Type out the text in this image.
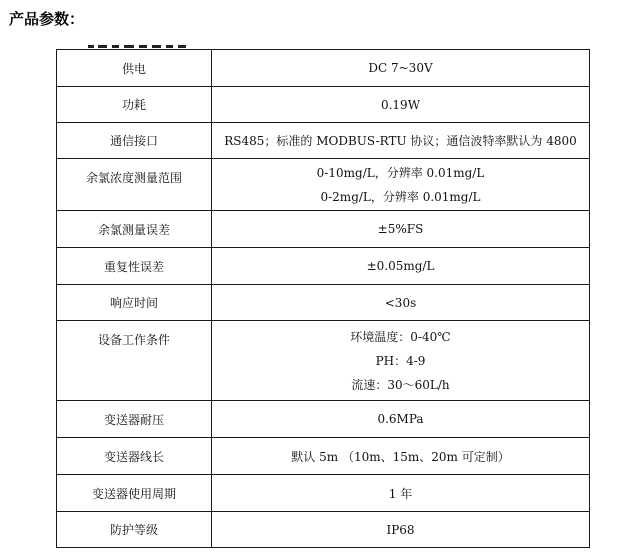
产品参数：
供电	DC 7~30V
功耗	0.19W
通信接口	RS485；标准的 MODBUS-RTU 协议；通信波特率默认为 4800

余氯浓度测量范围	0-10mg/L，分辨率 0.01mg/L
0-2mg/L，分辨率 0.01mg/L

余氯测量误差	±5%FS
重复性误差	±0.05mg/L
响应时间	<30s

设备工作条件	环境温度：0-40℃
PH：4-9
流速：30～60L/h

变送器耐压	0.6MPa
变送器线长	默认 5m （10m、15m、20m 可定制）
变送器使用周期	1 年
防护等级	IP68
